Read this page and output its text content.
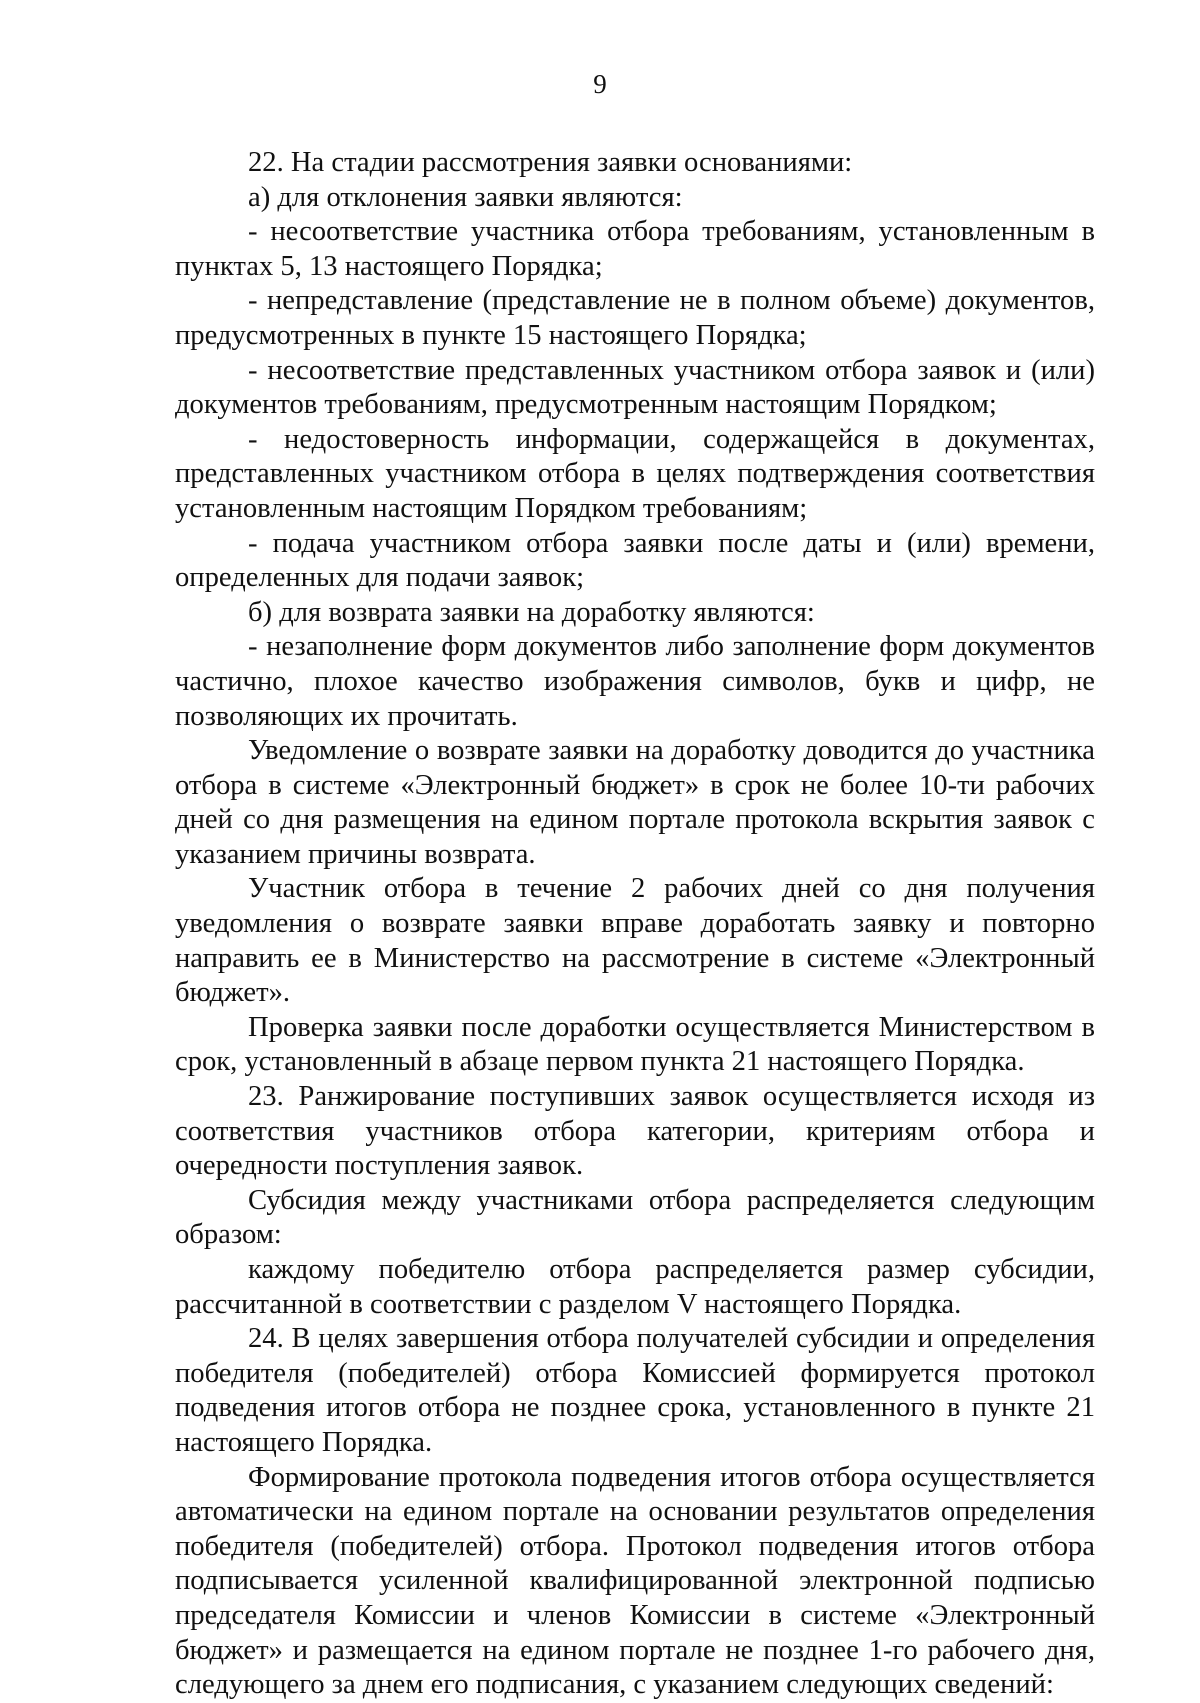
9

22. На стадии рассмотрения заявки основаниями:

а) для отклонения заявки являются:

- несоответствие участника отбора требованиям, установленным в пунктах 5, 13 настоящего Порядка;

- непредставление (представление не в полном объеме) документов, предусмотренных в пункте 15 настоящего Порядка;

- несоответствие представленных участником отбора заявок и (или) документов требованиям, предусмотренным настоящим Порядком;

- недостоверность информации, содержащейся в документах, представленных участником отбора в целях подтверждения соответствия установленным настоящим Порядком требованиям;

- подача участником отбора заявки после даты и (или) времени, определенных для подачи заявок;

б) для возврата заявки на доработку являются:

- незаполнение форм документов либо заполнение форм документов частично, плохое качество изображения символов, букв и цифр, не позволяющих их прочитать.

Уведомление о возврате заявки на доработку доводится до участника отбора в системе «Электронный бюджет» в срок не более 10-ти рабочих дней со дня размещения на едином портале протокола вскрытия заявок с указанием причины возврата.

Участник отбора в течение 2 рабочих дней со дня получения уведомления о возврате заявки вправе доработать заявку и повторно направить ее в Министерство на рассмотрение в системе «Электронный бюджет».

Проверка заявки после доработки осуществляется Министерством в срок, установленный в абзаце первом пункта 21 настоящего Порядка.

23. Ранжирование поступивших заявок осуществляется исходя из соответствия участников отбора категории, критериям отбора и очередности поступления заявок.

Субсидия между участниками отбора распределяется следующим образом:

каждому победителю отбора распределяется размер субсидии, рассчитанной в соответствии с разделом V настоящего Порядка.

24. В целях завершения отбора получателей субсидии и определения победителя (победителей) отбора Комиссией формируется протокол подведения итогов отбора не позднее срока, установленного в пункте 21 настоящего Порядка.

Формирование протокола подведения итогов отбора осуществляется автоматически на едином портале на основании результатов определения победителя (победителей) отбора. Протокол подведения итогов отбора подписывается усиленной квалифицированной электронной подписью председателя Комиссии и членов Комиссии в системе «Электронный бюджет» и размещается на едином портале не позднее 1-го рабочего дня, следующего за днем его подписания, с указанием следующих сведений:
